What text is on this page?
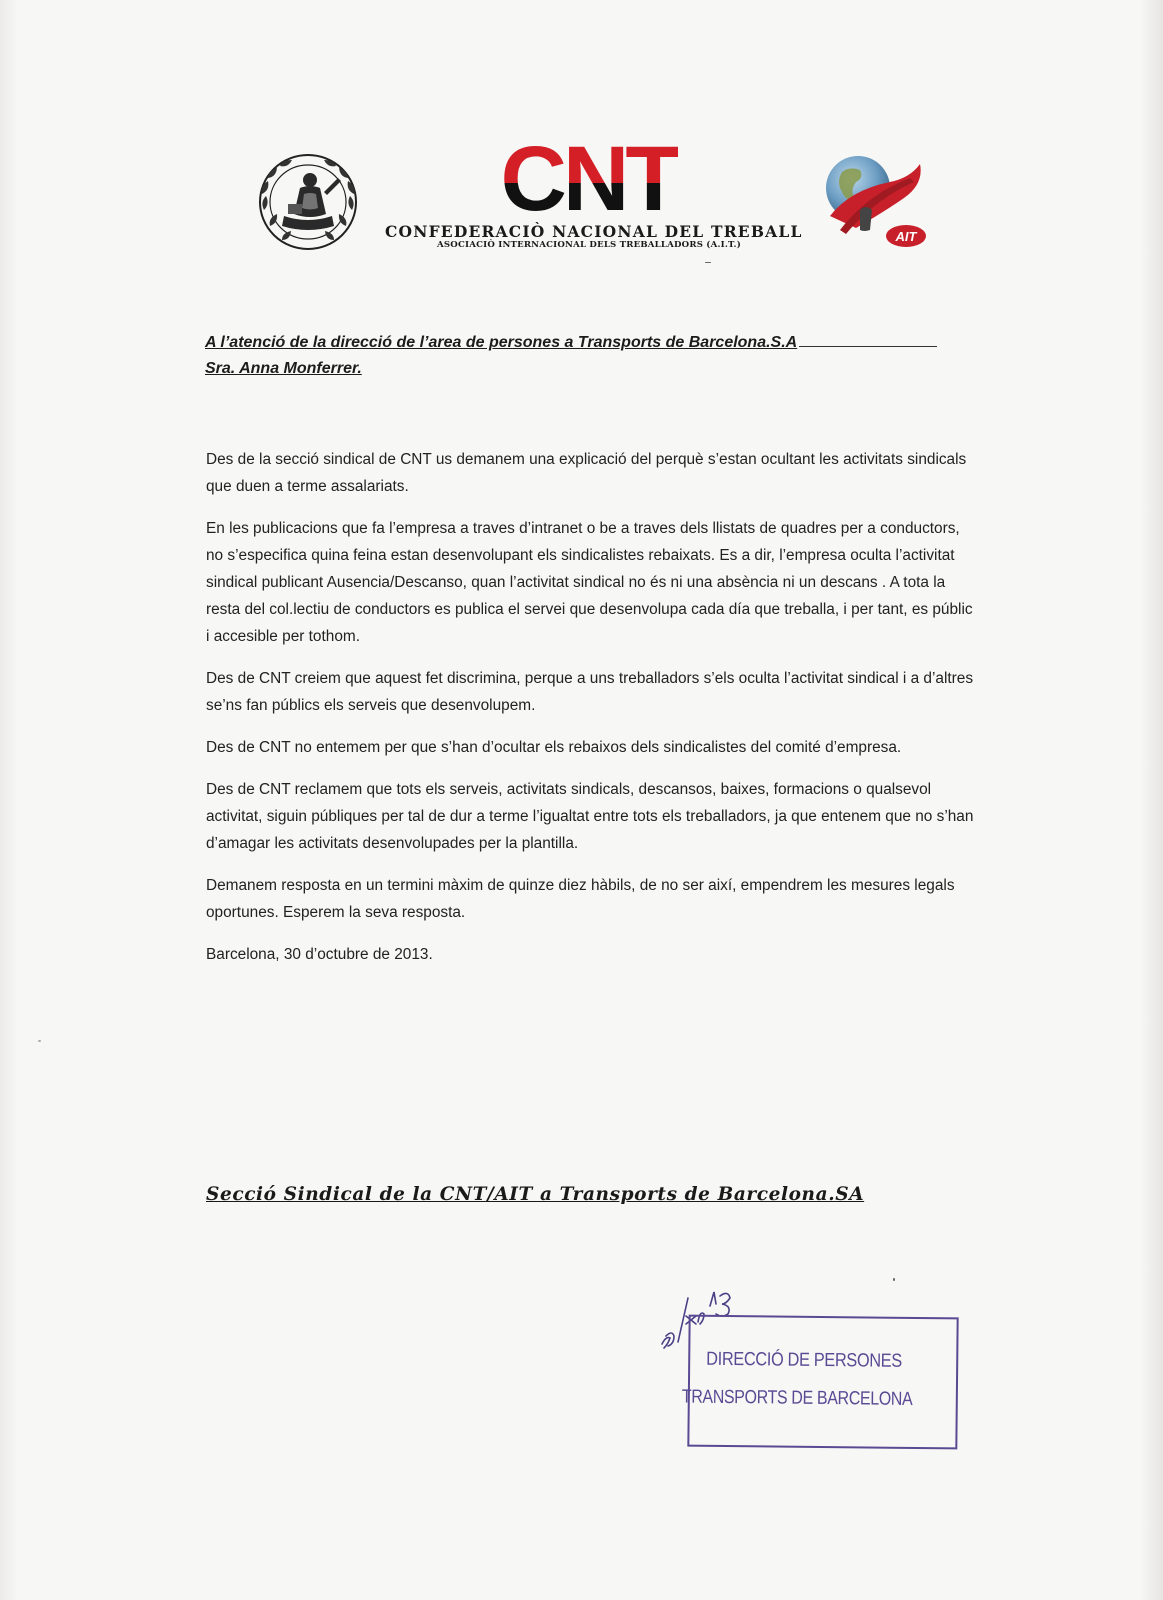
CNT
CONFEDERACIÒ NACIONAL DEL TREBALL
ASOCIACIÒ INTERNACIONAL DELS TREBALLADORS (A.I.T.)
AIT
A l’atenció de la direcció de l’area de persones a Transports de Barcelona.S.A
Sra. Anna Monferrer.

Des de la secció sindical de CNT us demanem una explicació del perquè s’estan ocultant les activitats sindicals que duen a terme assalariats.

En les publicacions que fa l’empresa a traves d’intranet o be a traves dels llistats de quadres per a conductors, no s’especifica quina feina estan desenvolupant els sindicalistes rebaixats. Es a dir, l’empresa oculta l’activitat sindical publicant Ausencia/Descanso, quan l’activitat sindical no és ni una absència ni un descans . A tota la resta del col.lectiu de conductors es publica el servei que desenvolupa cada día que treballa, i per tant, es públic i accesible per tothom.

Des de CNT creiem que aquest fet discrimina, perque a uns treballadors s’els oculta l’activitat sindical i a d’altres se’ns fan públics els serveis que desenvolupem.

Des de CNT no entemem per que s’han d’ocultar els rebaixos dels sindicalistes del comité d’empresa.

Des de CNT reclamem que tots els serveis, activitats sindicals, descansos, baixes, formacions o qualsevol activitat, siguin públiques per tal de dur a terme l’igualtat entre tots els treballadors, ja que entenem que no s’han d’amagar les activitats desenvolupades per la plantilla.

Demanem resposta en un termini màxim de quinze diez hàbils, de no ser així, empendrem les mesures legals oportunes. Esperem la seva resposta.

Barcelona, 30 d’octubre de 2013.

Secció Sindical de la CNT/AIT a Transports de Barcelona.SA
DIRECCIÓ DE PERSONES
TRANSPORTS DE BARCELONA
